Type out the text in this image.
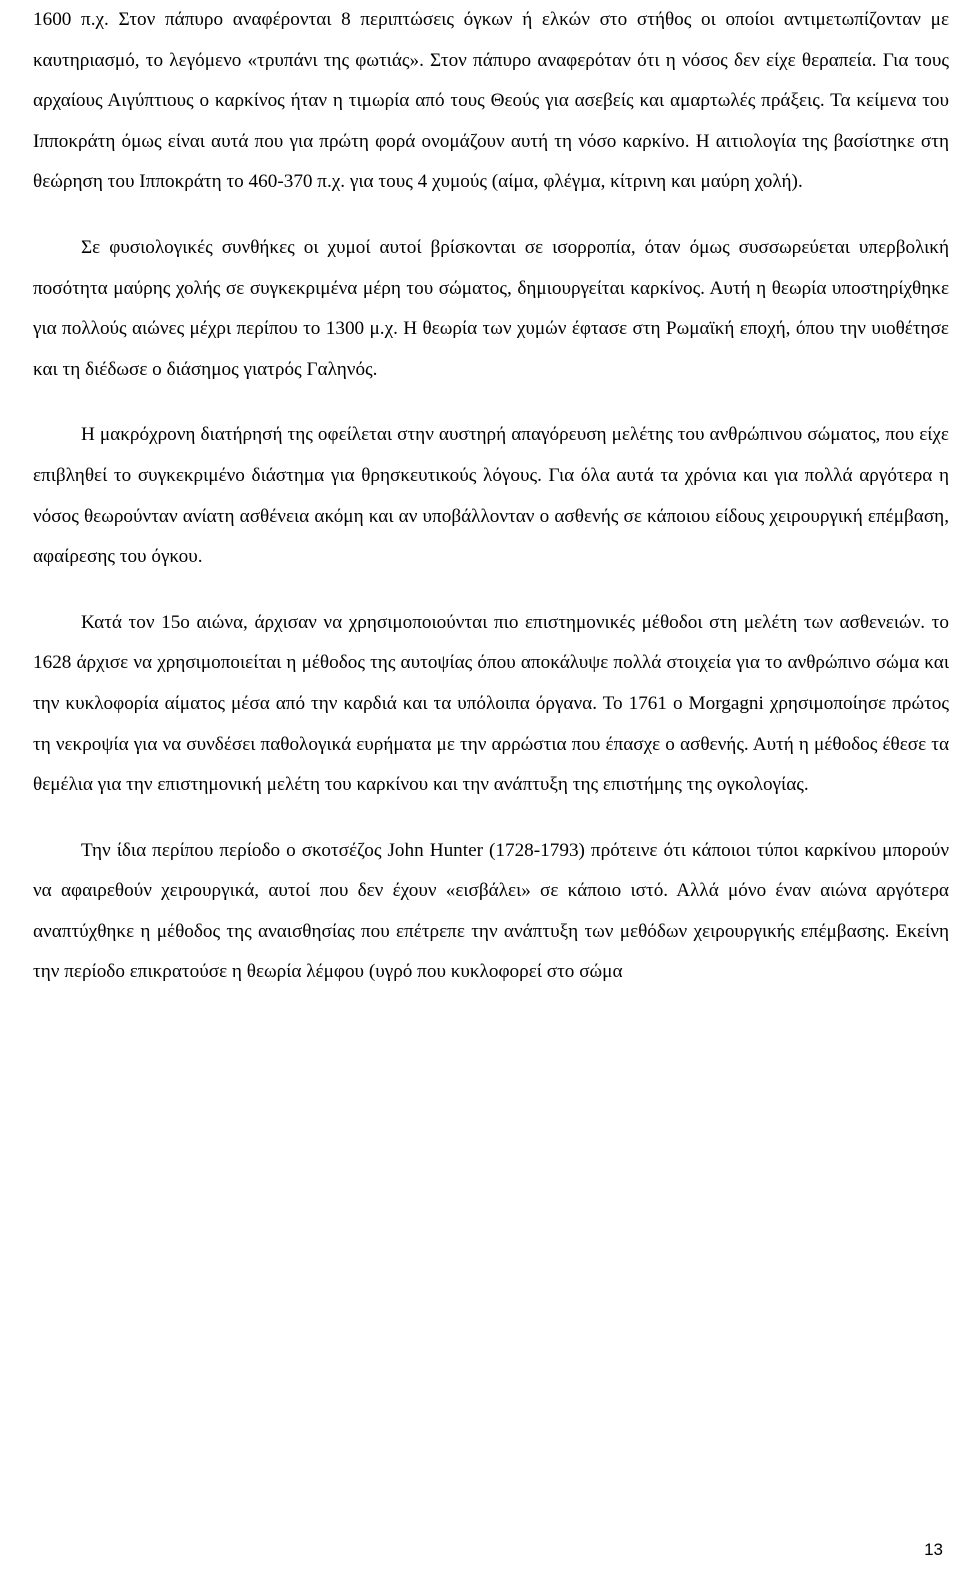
1600 π.χ. Στον πάπυρο αναφέρονται 8 περιπτώσεις όγκων ή ελκών στο στήθος οι οποίοι αντιμετωπίζονταν με καυτηριασμό, το λεγόμενο «τρυπάνι της φωτιάς». Στον πάπυρο αναφερόταν ότι η νόσος δεν είχε θεραπεία. Για τους αρχαίους Αιγύπτιους ο καρκίνος ήταν η τιμωρία από τους Θεούς για ασεβείς και αμαρτωλές πράξεις. Τα κείμενα του Ιπποκράτη όμως είναι αυτά που για πρώτη φορά ονομάζουν αυτή τη νόσο καρκίνο. Η αιτιολογία της βασίστηκε στη θεώρηση του Ιπποκράτη το 460-370 π.χ. για τους 4 χυμούς (αίμα, φλέγμα, κίτρινη και μαύρη χολή).

Σε φυσιολογικές συνθήκες οι χυμοί αυτοί βρίσκονται σε ισορροπία, όταν όμως συσσωρεύεται υπερβολική ποσότητα μαύρης χολής σε συγκεκριμένα μέρη του σώματος, δημιουργείται καρκίνος. Αυτή η θεωρία υποστηρίχθηκε για πολλούς αιώνες μέχρι περίπου το 1300 μ.χ. Η θεωρία των χυμών έφτασε στη Ρωμαϊκή εποχή, όπου την υιοθέτησε και τη διέδωσε ο διάσημος γιατρός Γαληνός.

Η μακρόχρονη διατήρησή της οφείλεται στην αυστηρή απαγόρευση μελέτης του ανθρώπινου σώματος, που είχε επιβληθεί το συγκεκριμένο διάστημα για θρησκευτικούς λόγους. Για όλα αυτά τα χρόνια και για πολλά αργότερα η νόσος θεωρούνταν ανίατη ασθένεια ακόμη και αν υποβάλλονταν ο ασθενής σε κάποιου είδους χειρουργική επέμβαση, αφαίρεσης του όγκου.

Κατά τον 15ο αιώνα, άρχισαν να χρησιμοποιούνται πιο επιστημονικές μέθοδοι στη μελέτη των ασθενειών. το 1628 άρχισε να χρησιμοποιείται η μέθοδος της αυτοψίας όπου αποκάλυψε πολλά στοιχεία για το ανθρώπινο σώμα και την κυκλοφορία αίματος μέσα από την καρδιά και τα υπόλοιπα όργανα. Το 1761 ο Morgagni χρησιμοποίησε πρώτος τη νεκροψία για να συνδέσει παθολογικά ευρήματα με την αρρώστια που έπασχε ο ασθενής. Αυτή η μέθοδος έθεσε τα θεμέλια για την επιστημονική μελέτη του καρκίνου και την ανάπτυξη της επιστήμης της ογκολογίας.

Την ίδια περίπου περίοδο ο σκοτσέζος John Hunter (1728-1793) πρότεινε ότι κάποιοι τύποι καρκίνου μπορούν να αφαιρεθούν χειρουργικά, αυτοί που δεν έχουν «εισβάλει» σε κάποιο ιστό. Αλλά μόνο έναν αιώνα αργότερα αναπτύχθηκε η μέθοδος της αναισθησίας που επέτρεπε την ανάπτυξη των μεθόδων χειρουργικής επέμβασης. Εκείνη την περίοδο επικρατούσε η θεωρία λέμφου (υγρό που κυκλοφορεί στο σώμα

13
